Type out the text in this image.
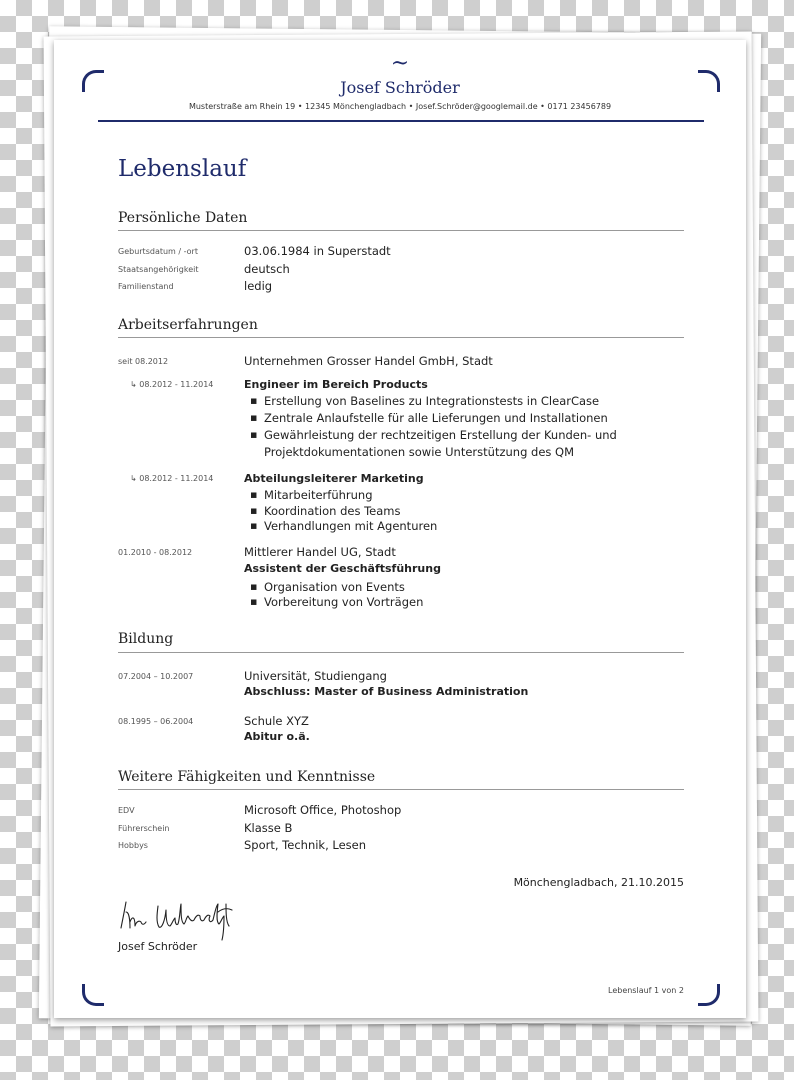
~
Josef Schröder
Musterstraße am Rhein 19 • 12345 Mönchengladbach • Josef.Schröder@googlemail.de • 0171 23456789
Lebenslauf
Persönliche Daten
Geburtsdatum / -ort	03.06.1984 in Superstadt
Staatsangehörigkeit	deutsch
Familienstand	ledig
Arbeitserfahrungen
seit 08.2012	Unternehmen Grosser Handel GmbH, Stadt
↳ 08.2012 - 11.2014	Engineer im Bereich Products
▪ Erstellung von Baselines zu Integrationstests in ClearCase
▪ Zentrale Anlaufstelle für alle Lieferungen und Installationen
▪ Gewährleistung der rechtzeitigen Erstellung der Kunden- und
Projektdokumentationen sowie Unterstützung des QM
↳ 08.2012 - 11.2014	Abteilungsleiterer Marketing
▪ Mitarbeiterführung
▪ Koordination des Teams
▪ Verhandlungen mit Agenturen
01.2010 - 08.2012	Mittlerer Handel UG, Stadt
Assistent der Geschäftsführung
▪ Organisation von Events
▪ Vorbereitung von Vorträgen
Bildung
07.2004 – 10.2007	Universität, Studiengang
Abschluss: Master of Business Administration
08.1995 – 06.2004	Schule XYZ
Abitur o.ä.
Weitere Fähigkeiten und Kenntnisse
EDV	Microsoft Office, Photoshop
Führerschein	Klasse B
Hobbys	Sport, Technik, Lesen
Mönchengladbach, 21.10.2015
Josef Schröder
Lebenslauf 1 von 2
